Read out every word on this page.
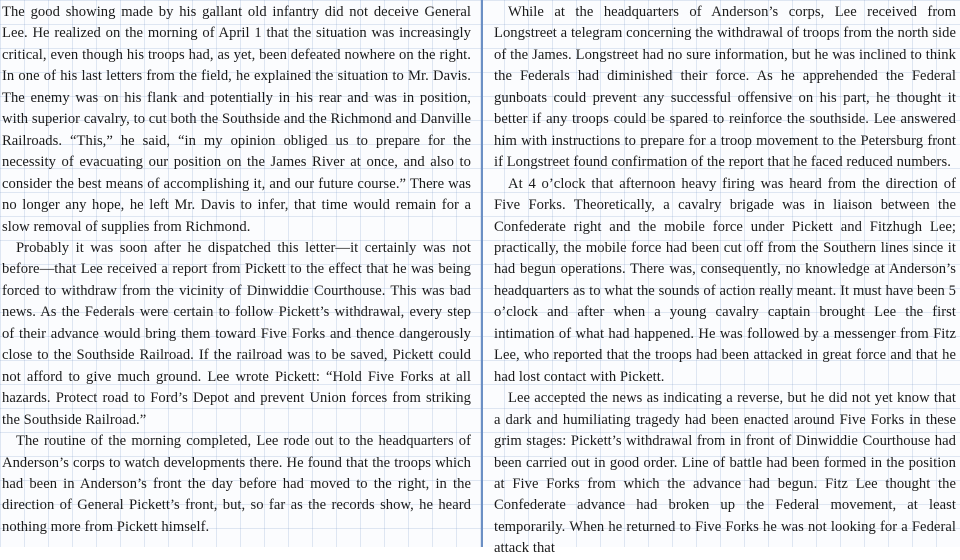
The good showing made by his gallant old infantry did not deceive General Lee. He realized on the morning of April 1 that the situation was increasingly critical, even though his troops had, as yet, been defeated nowhere on the right. In one of his last letters from the field, he explained the situation to Mr. Davis. The enemy was on his flank and potentially in his rear and was in position, with superior cavalry, to cut both the Southside and the Richmond and Danville Railroads. “This,” he said, “in my opinion obliged us to prepare for the necessity of evacuating our position on the James River at once, and also to consider the best means of accomplishing it, and our future course.” There was no longer any hope, he left Mr. Davis to infer, that time would remain for a slow removal of supplies from Richmond.

Probably it was soon after he dispatched this letter—it certainly was not before—that Lee received a report from Pickett to the effect that he was being forced to withdraw from the vicinity of Dinwiddie Courthouse. This was bad news. As the Federals were certain to follow Pickett’s withdrawal, every step of their advance would bring them toward Five Forks and thence dangerously close to the Southside Railroad. If the railroad was to be saved, Pickett could not afford to give much ground. Lee wrote Pickett: “Hold Five Forks at all hazards. Protect road to Ford’s Depot and prevent Union forces from striking the Southside Railroad.”

The routine of the morning completed, Lee rode out to the headquarters of Anderson’s corps to watch developments there. He found that the troops which had been in Anderson’s front the day before had moved to the right, in the direction of General Pickett’s front, but, so far as the records show, he heard nothing more from Pickett himself.

While at the headquarters of Anderson’s corps, Lee received from Longstreet a telegram concerning the withdrawal of troops from the north side of the James. Longstreet had no sure information, but he was inclined to think the Federals had diminished their force. As he apprehended the Federal gunboats could prevent any successful offensive on his part, he thought it better if any troops could be spared to reinforce the southside. Lee answered him with instructions to prepare for a troop movement to the Petersburg front if Longstreet found confirmation of the report that he faced reduced numbers.

At 4 o’clock that afternoon heavy firing was heard from the direction of Five Forks. Theoretically, a cavalry brigade was in liaison between the Confederate right and the mobile force under Pickett and Fitzhugh Lee; practically, the mobile force had been cut off from the Southern lines since it had begun operations. There was, consequently, no knowledge at Anderson’s headquarters as to what the sounds of action really meant. It must have been 5 o’clock and after when a young cavalry captain brought Lee the first intimation of what had happened. He was followed by a messenger from Fitz Lee, who reported that the troops had been attacked in great force and that he had lost contact with Pickett.

Lee accepted the news as indicating a reverse, but he did not yet know that a dark and humiliating tragedy had been enacted around Five Forks in these grim stages: Pickett’s withdrawal from in front of Dinwiddie Courthouse had been carried out in good order. Line of battle had been formed in the position at Five Forks from which the advance had begun. Fitz Lee thought the Confederate advance had broken up the Federal movement, at least temporarily. When he returned to Five Forks he was not looking for a Federal attack that
